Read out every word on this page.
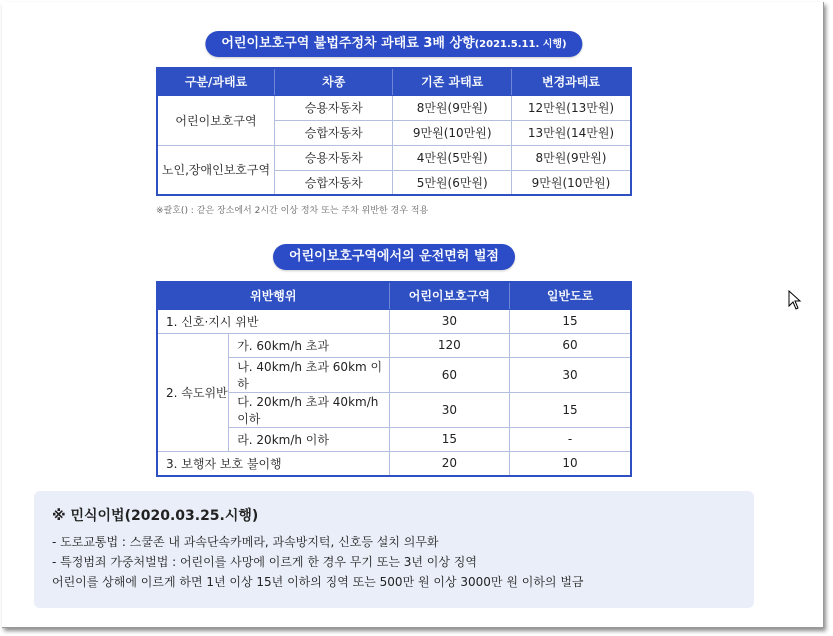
어린이보호구역 불법주정차 과태료 3배 상향(2021.5.11. 시행)
구분/과태료	차종	기존 과태료	변경과태료
어린이보호구역	승용자동차	8만원(9만원)	12만원(13만원)
	승합자동차	9만원(10만원)	13만원(14만원)
노인,장애인보호구역	승용자동차	4만원(5만원)	8만원(9만원)
	승합자동차	5만원(6만원)	9만원(10만원)
※괄호() : 같은 장소에서 2시간 이상 정차 또는 주차 위반한 경우 적용
어린이보호구역에서의 운전면허 벌점
위반행위		어린이보호구역	일반도로
1. 신호·지시 위반		30	15
2. 속도위반	가. 60km/h 초과	120	60
	나. 40km/h 초과 60km 이하	60	30
	다. 20km/h 초과 40km/h 이하	30	15
	라. 20km/h 이하	15	-
3. 보행자 보호 불이행		20	10
※ 민식이법(2020.03.25.시행)
- 도로교통법 : 스쿨존 내 과속단속카메라, 과속방지턱, 신호등 설치 의무화
- 특정범죄 가중처벌법 : 어린이를 사망에 이르게 한 경우 무기 또는 3년 이상 징역
어린이를 상해에 이르게 하면 1년 이상 15년 이하의 징역 또는 500만 원 이상 3000만 원 이하의 벌금
